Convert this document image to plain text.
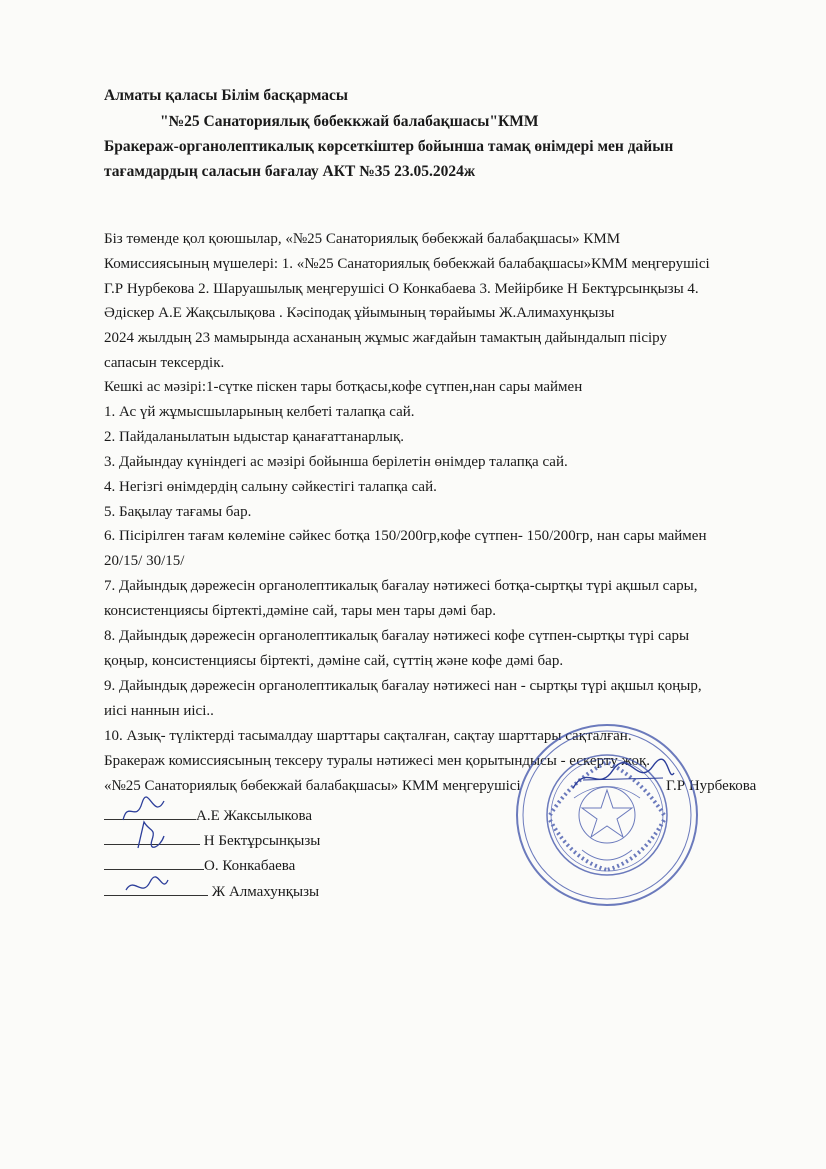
Алматы қаласы Білім басқармасы
"№25 Санаториялық бөбеккжай балабақшасы"КММ
Бракераж-органолептикалық көрсеткіштер бойынша тамақ өнімдері мен дайын
тағамдардың саласын бағалау АКТ №35 23.05.2024ж
Біз төменде қол қоюшылар, «№25 Санаториялық бөбекжай балабақшасы» КММ
Комиссиясының мүшелері: 1. «№25 Санаториялық бөбекжай балабақшасы»КММ меңгерушісі
Г.Р Нурбекова 2. Шаруашылық меңгерушісі О Конкабаева 3. Мейірбике Н Бектұрсынқызы 4.
Әдіскер А.Е Жақсылықова . Кәсіподақ ұйымының төрайымы Ж.Алимахунқызы
2024 жылдың 23 мамырында асхананың жұмыс жағдайын тамактың дайындалып пісіру
сапасын тексердік.
Кешкі ас мәзірі:1-сүтке піскен тары ботқасы,кофе сүтпен,нан сары маймен
1. Ас үй жұмысшыларының келбеті талапқа сай.
2. Пайдаланылатын ыдыстар қанағаттанарлық.
3. Дайындау күніндегі ас мәзірі бойынша берілетін өнімдер талапқа сай.
4. Негізгі өнімдердің салыну сәйкестігі талапқа сай.
5. Бақылау тағамы бар.
6. Пісірілген тағам көлеміне сәйкес ботқа 150/200гр,кофе сүтпен- 150/200гр, нан сары маймен
20/15/ 30/15/
7. Дайындық дәрежесін органолептикалық бағалау нәтижесі ботқа-сыртқы түрі ақшыл сары,
консистенциясы біртекті,дәміне сай, тары мен тары дәмі бар.
8. Дайындық дәрежесін органолептикалық бағалау нәтижесі кофе сүтпен-сыртқы түрі сары
қоңыр, консистенциясы біртекті, дәміне сай, сүттің және кофе дәмі бар.
9. Дайындық дәрежесін органолептикалық бағалау нәтижесі нан - сыртқы түрі ақшыл қоңыр,
иісі наннын иісі..
10. Азық- түліктерді тасымалдау шарттары сақталған, сақтау шарттары сақталған.
Бракераж комиссиясының тексеру туралы нәтижесі мен қорытындысы - ескерту жоқ.
«№25 Санаториялық бөбекжай балабақшасы» КММ меңгерушісі	Г.Р Нурбекова
А.Е Жаксылыкова
Н Бектұрсынқызы
О. Конкабаева
Ж Алмахунқызы
